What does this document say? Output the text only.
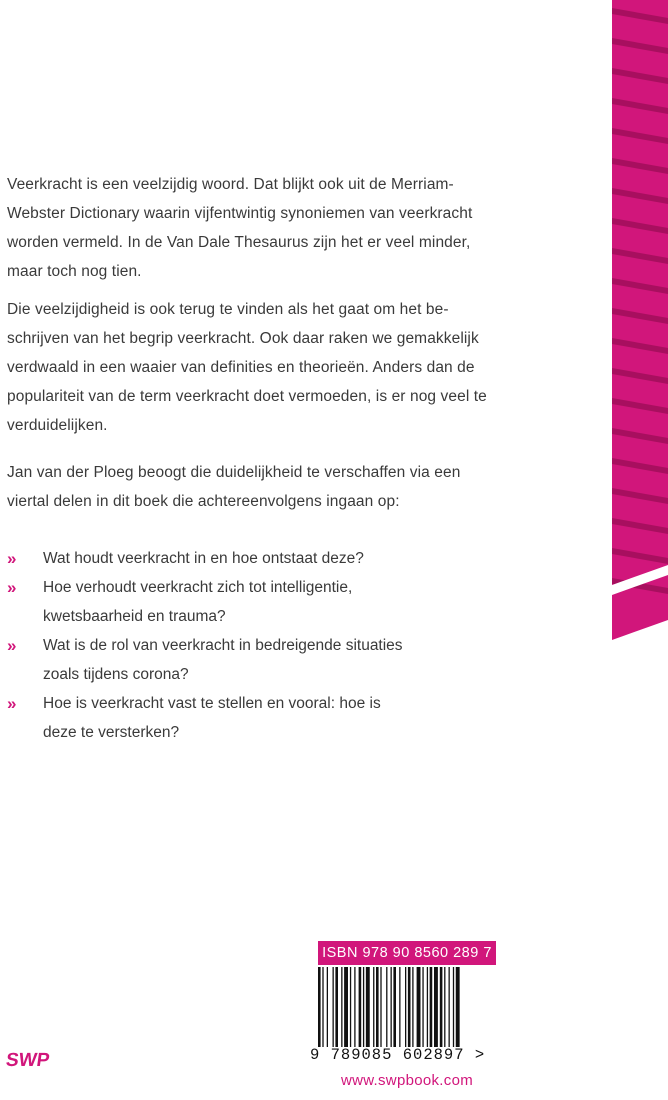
Veerkracht is een veelzijdig woord. Dat blijkt ook uit de Merriam-
Webster Dictionary waarin vijfentwintig synoniemen van veerkracht
worden vermeld. In de Van Dale Thesaurus zijn het er veel minder,
maar toch nog tien.

Die veelzijdigheid is ook terug te vinden als het gaat om het be-
schrijven van het begrip veerkracht. Ook daar raken we gemakkelijk
verdwaald in een waaier van definities en theorieën. Anders dan de
populariteit van de term veerkracht doet vermoeden, is er nog veel te
verduidelijken.

Jan van der Ploeg beoogt die duidelijkheid te verschaffen via een
viertal delen in dit boek die achtereenvolgens ingaan op:

»	Wat houdt veerkracht in en hoe ontstaat deze?
»	Hoe verhoudt veerkracht zich tot intelligentie,
kwetsbaarheid en trauma?
»	Wat is de rol van veerkracht in bedreigende situaties
zoals tijdens corona?
»	Hoe is veerkracht vast te stellen en vooral: hoe is
deze te versterken?
ISBN 978 90 8560 289 7
9 789085 602897 >
www.swpbook.com
SWP
